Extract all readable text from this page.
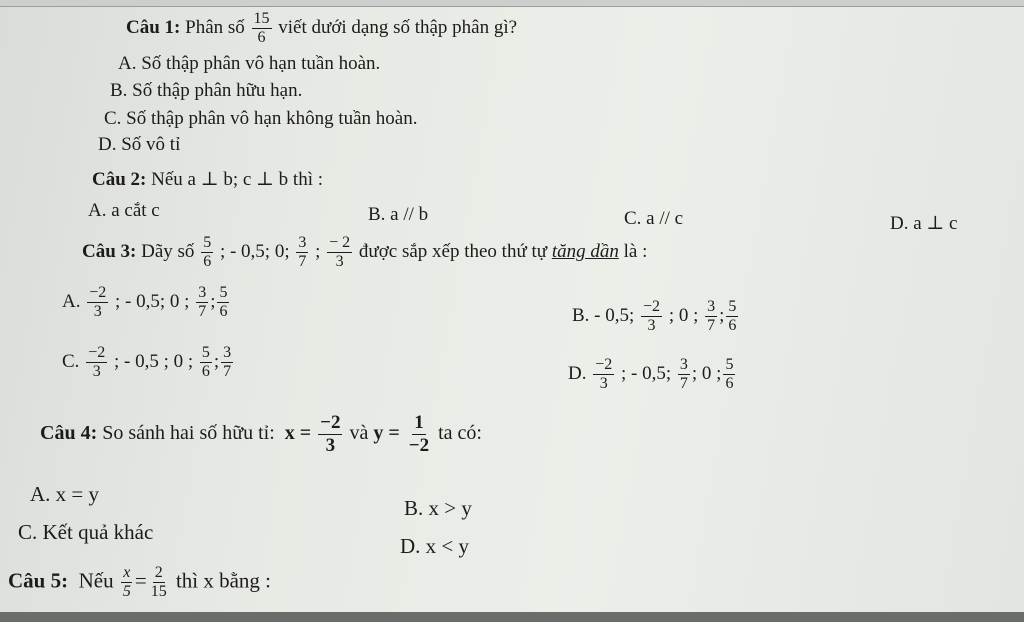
Câu 1: Phân số $\frac{15}{6}$ viết dưới dạng số thập phân gì?
A. Số thập phân vô hạn tuần hoàn.
B. Số thập phân hữu hạn.
C. Số thập phân vô hạn không tuần hoàn.
D. Số vô tỉ
Câu 2: Nếu a ⊥ b; c ⊥ b thì :
A. a cắt c	B. a // b	C. a // c	D. a ⊥ c
Câu 3: Dãy số $\frac{5}{6}$ ; - 0,5; 0; $\frac{3}{7}$ ; $\frac{- 2}{3}$ được sắp xếp theo thứ tự tăng dần là :
A. $\frac{-2}{3}$ ; - 0,5; 0 ; $\frac{3}{7}$ ; $\frac{5}{6}$	B. - 0,5; $\frac{-2}{3}$ ; 0 ; $\frac{3}{7}$ ; $\frac{5}{6}$
C. $\frac{-2}{3}$ ; - 0,5 ; 0 ; $\frac{5}{6}$ ; $\frac{3}{7}$	D. $\frac{-2}{3}$ ; - 0,5; $\frac{3}{7}$ ; 0 ; $\frac{5}{6}$
Câu 4: So sánh hai số hữu tỉ: $x = \frac{-2}{3}$ và $y = \frac{1}{-2}$ ta có:
A. x = y
B. x > y
C. Kết quả khác
D. x < y
Câu 5: Nếu $\frac{x}{5} = \frac{2}{15}$ thì x bằng :
